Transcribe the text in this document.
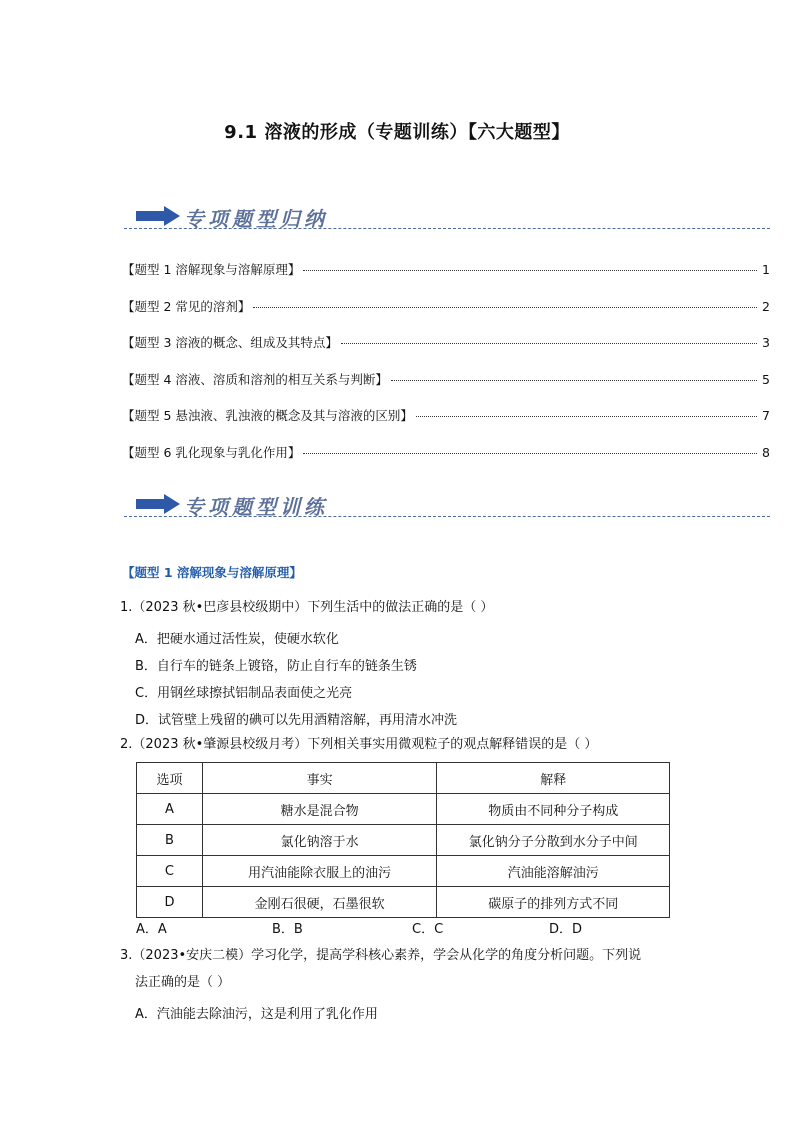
9.1 溶液的形成（专题训练）【六大题型】
专项题型归纳
【题型 1 溶解现象与溶解原理】	1
【题型 2 常见的溶剂】	2
【题型 3 溶液的概念、组成及其特点】	3
【题型 4 溶液、溶质和溶剂的相互关系与判断】	5
【题型 5 悬浊液、乳浊液的概念及其与溶液的区别】	7
【题型 6 乳化现象与乳化作用】	8
专项题型训练
【题型 1 溶解现象与溶解原理】
1.（2023 秋•巴彦县校级期中）下列生活中的做法正确的是（ ）
A．把硬水通过活性炭，使硬水软化
B．自行车的链条上镀铬，防止自行车的链条生锈
C．用钢丝球擦拭铝制品表面使之光亮
D．试管壁上残留的碘可以先用酒精溶解，再用清水冲洗
2.（2023 秋•肇源县校级月考）下列相关事实用微观粒子的观点解释错误的是（ ）
选项	事实	解释
A	糖水是混合物	物质由不同种分子构成
B	氯化钠溶于水	氯化钠分子分散到水分子中间
C	用汽油能除衣服上的油污	汽油能溶解油污
D	金刚石很硬，石墨很软	碳原子的排列方式不同
A．A	B．B	C．C	D．D
3.（2023•安庆二模）学习化学，提高学科核心素养，学会从化学的角度分析问题。下列说
法正确的是（ ）
A．汽油能去除油污，这是利用了乳化作用
